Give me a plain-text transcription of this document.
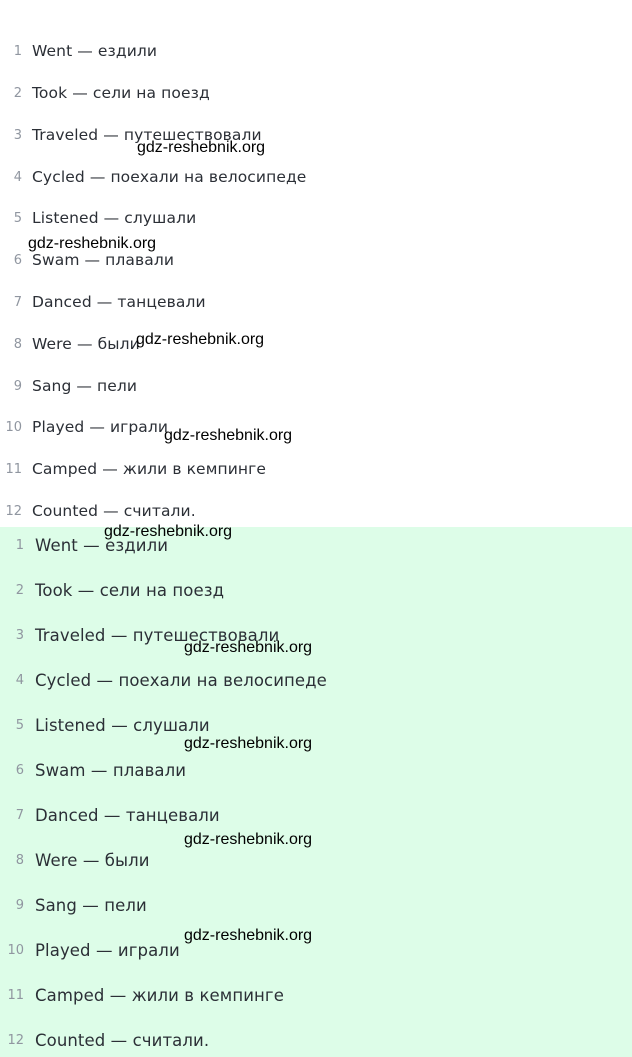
1 Went — ездили
2 Took — сели на поезд
3 Traveled — путешествовали
4 Cycled — поехали на велосипеде
5 Listened — слушали
6 Swam — плавали
7 Danced — танцевали
8 Were — были
9 Sang — пели
10 Played — играли
11 Camped — жили в кемпинге
12 Counted — считали.
1 Went — ездили
2 Took — сели на поезд
3 Traveled — путешествовали
4 Cycled — поехали на велосипеде
5 Listened — слушали
6 Swam — плавали
7 Danced — танцевали
8 Were — были
9 Sang — пели
10 Played — играли
11 Camped — жили в кемпинге
12 Counted — считали.
gdz-reshebnik.org
gdz-reshebnik.org
gdz-reshebnik.org
gdz-reshebnik.org
gdz-reshebnik.org
gdz-reshebnik.org
gdz-reshebnik.org
gdz-reshebnik.org
gdz-reshebnik.org
